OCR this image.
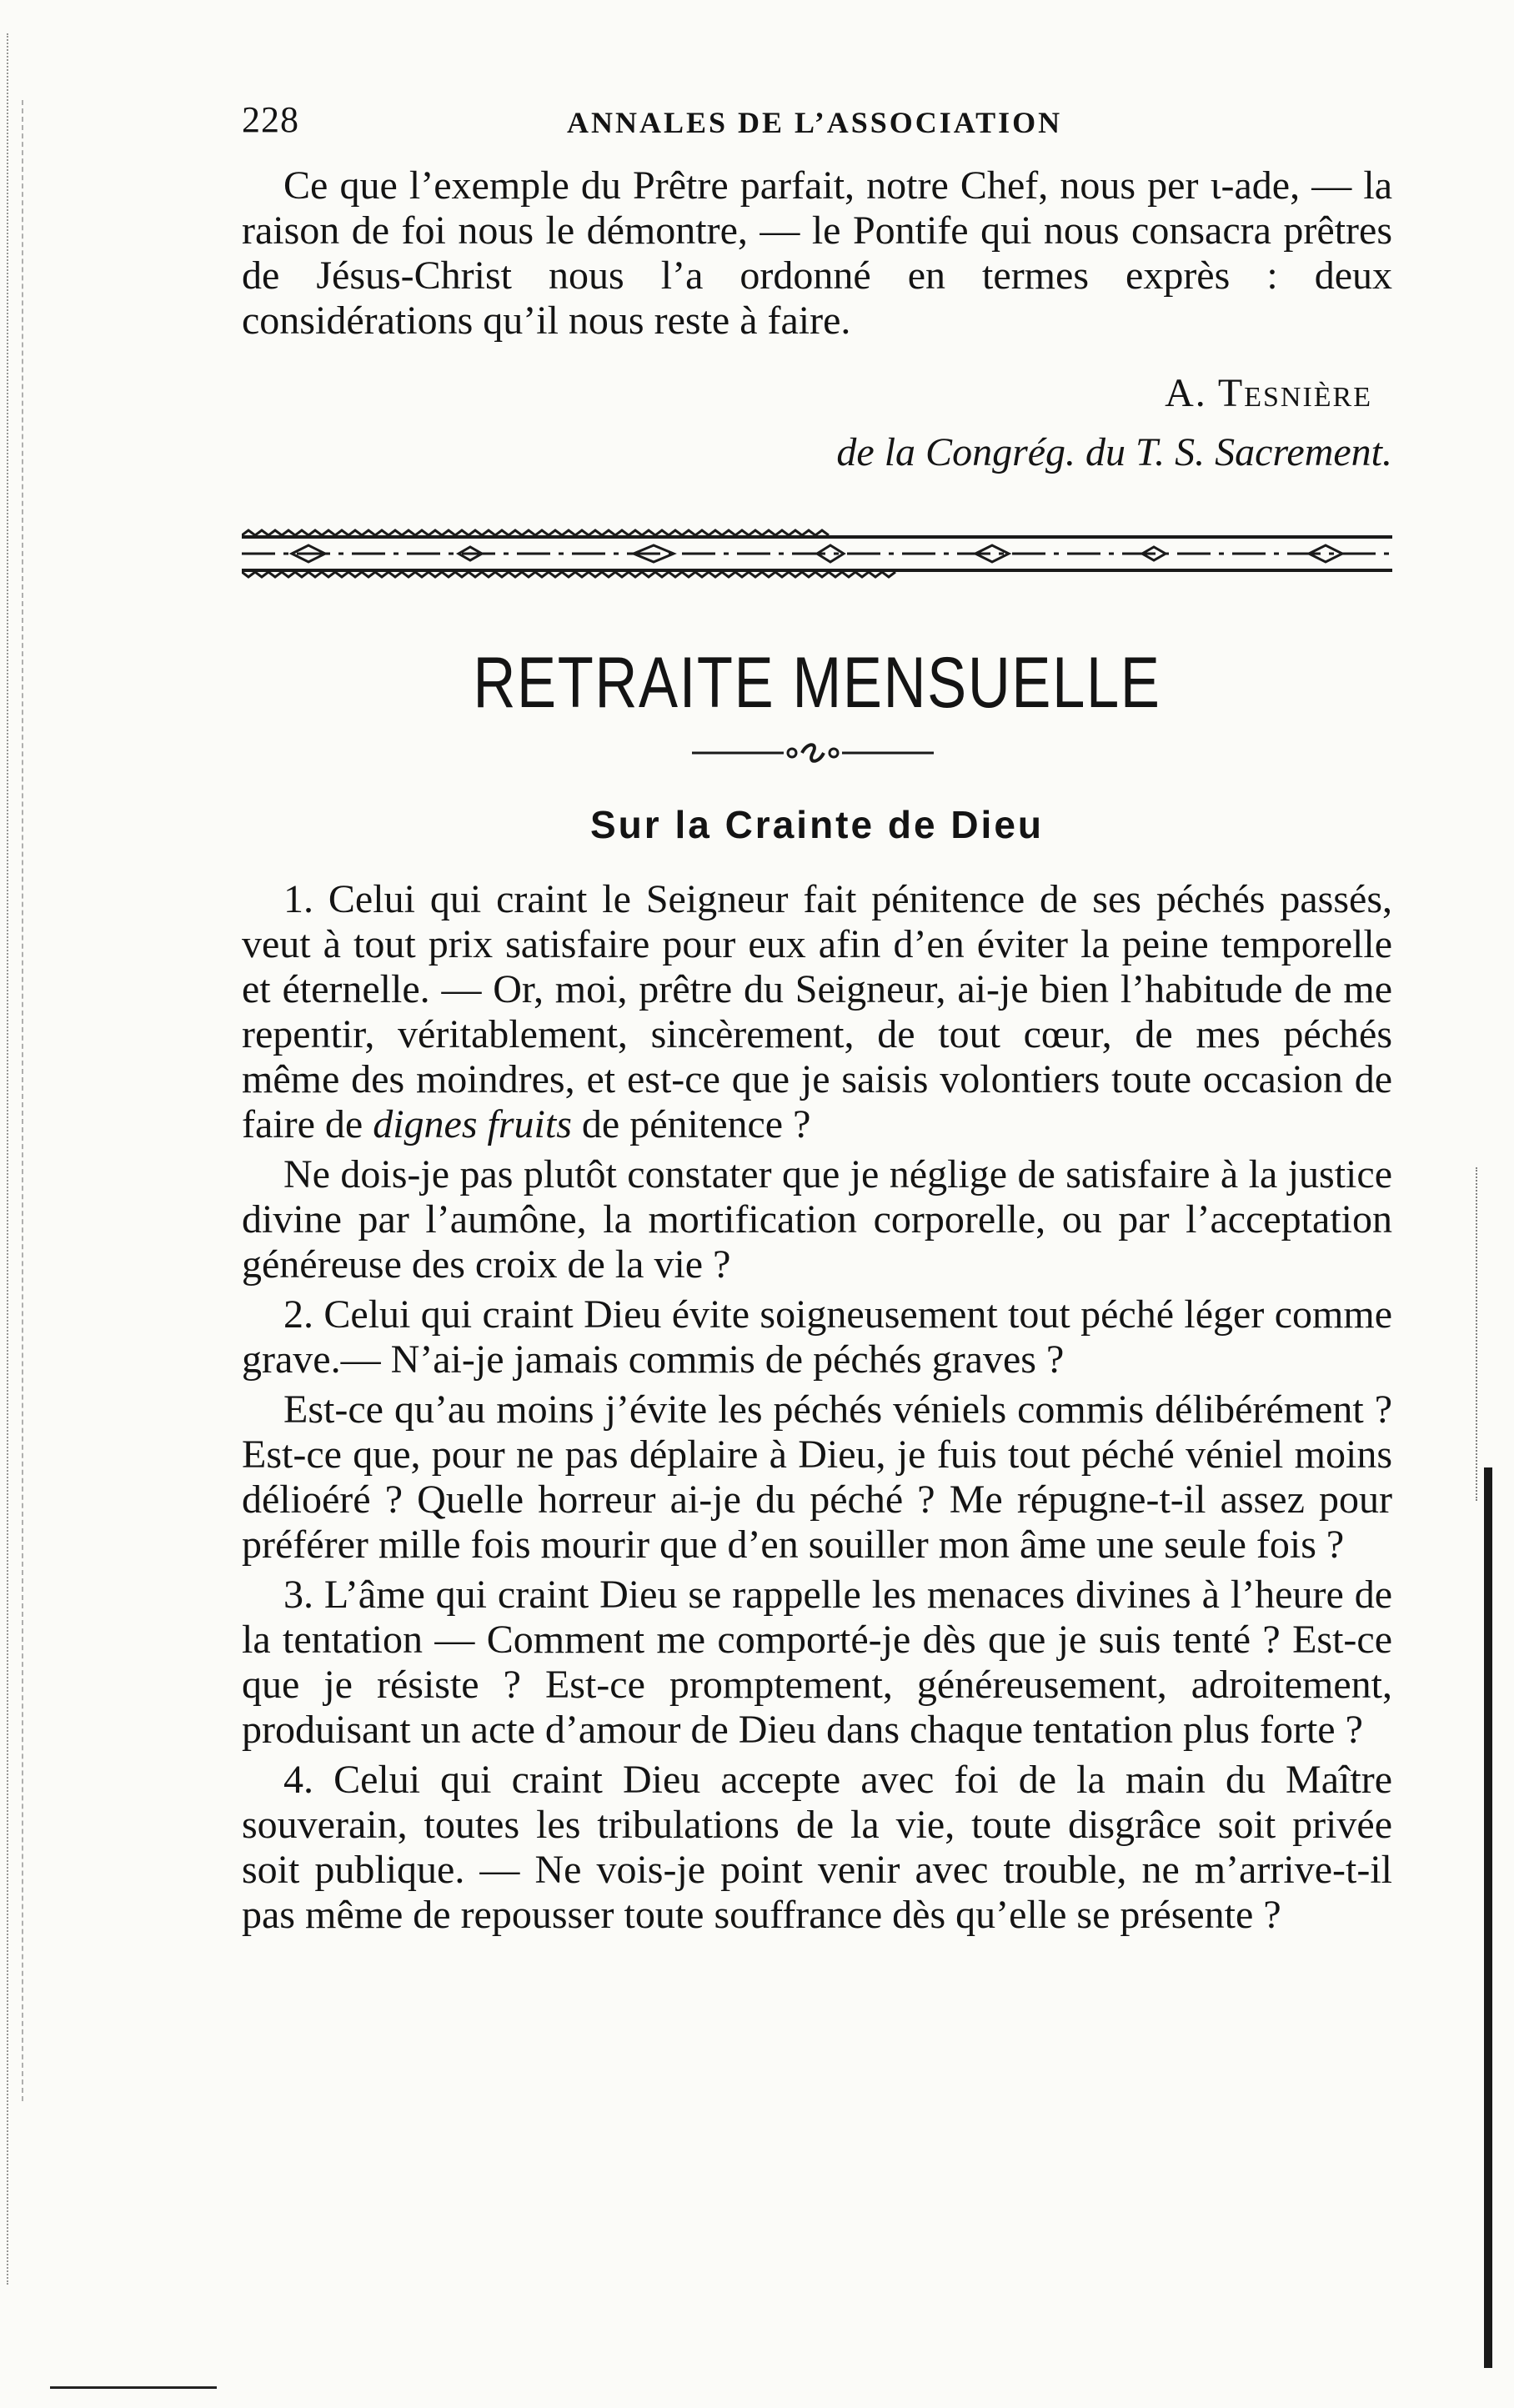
228	ANNALES DE L’ASSOCIATION

Ce que l’exemple du Prêtre parfait, notre Chef, nous per ι-ade, — la raison de foi nous le démontre, — le Pontife qui nous consacra prêtres de Jésus-Christ nous l’a ordonné en termes exprès : deux considérations qu’il nous reste à faire.

A. Tesnière
de la Congrég. du T. S. Sacrement.
RETRAITE MENSUELLE
Sur la Crainte de Dieu

1. Celui qui craint le Seigneur fait pénitence de ses péchés passés, veut à tout prix satisfaire pour eux afin d’en éviter la peine temporelle et éternelle. — Or, moi, prêtre du Seigneur, ai-je bien l’habitude de me repentir, véritablement, sincèrement, de tout cœur, de mes péchés même des moindres, et est-ce que je saisis volontiers toute occasion de faire de dignes fruits de pénitence ?

Ne dois-je pas plutôt constater que je néglige de satisfaire à la justice divine par l’aumône, la mortification corporelle, ou par l’acceptation généreuse des croix de la vie ?

2. Celui qui craint Dieu évite soigneusement tout péché léger comme grave.— N’ai-je jamais commis de péchés graves ?

Est-ce qu’au moins j’évite les péchés véniels commis délibérément ? Est-ce que, pour ne pas déplaire à Dieu, je fuis tout péché véniel moins délioéré ? Quelle horreur ai-je du péché ? Me répugne-t-il assez pour préférer mille fois mourir que d’en souiller mon âme une seule fois ?

3. L’âme qui craint Dieu se rappelle les menaces divines à l’heure de la tentation — Comment me comporté-je dès que je suis tenté ? Est-ce que je résiste ? Est-ce promptement, généreusement, adroitement, produisant un acte d’amour de Dieu dans chaque tentation plus forte ?

4. Celui qui craint Dieu accepte avec foi de la main du Maître souverain, toutes les tribulations de la vie, toute disgrâce soit privée soit publique. — Ne vois-je point venir avec trouble, ne m’arrive-t-il pas même de repousser toute souffrance dès qu’elle se présente ?
